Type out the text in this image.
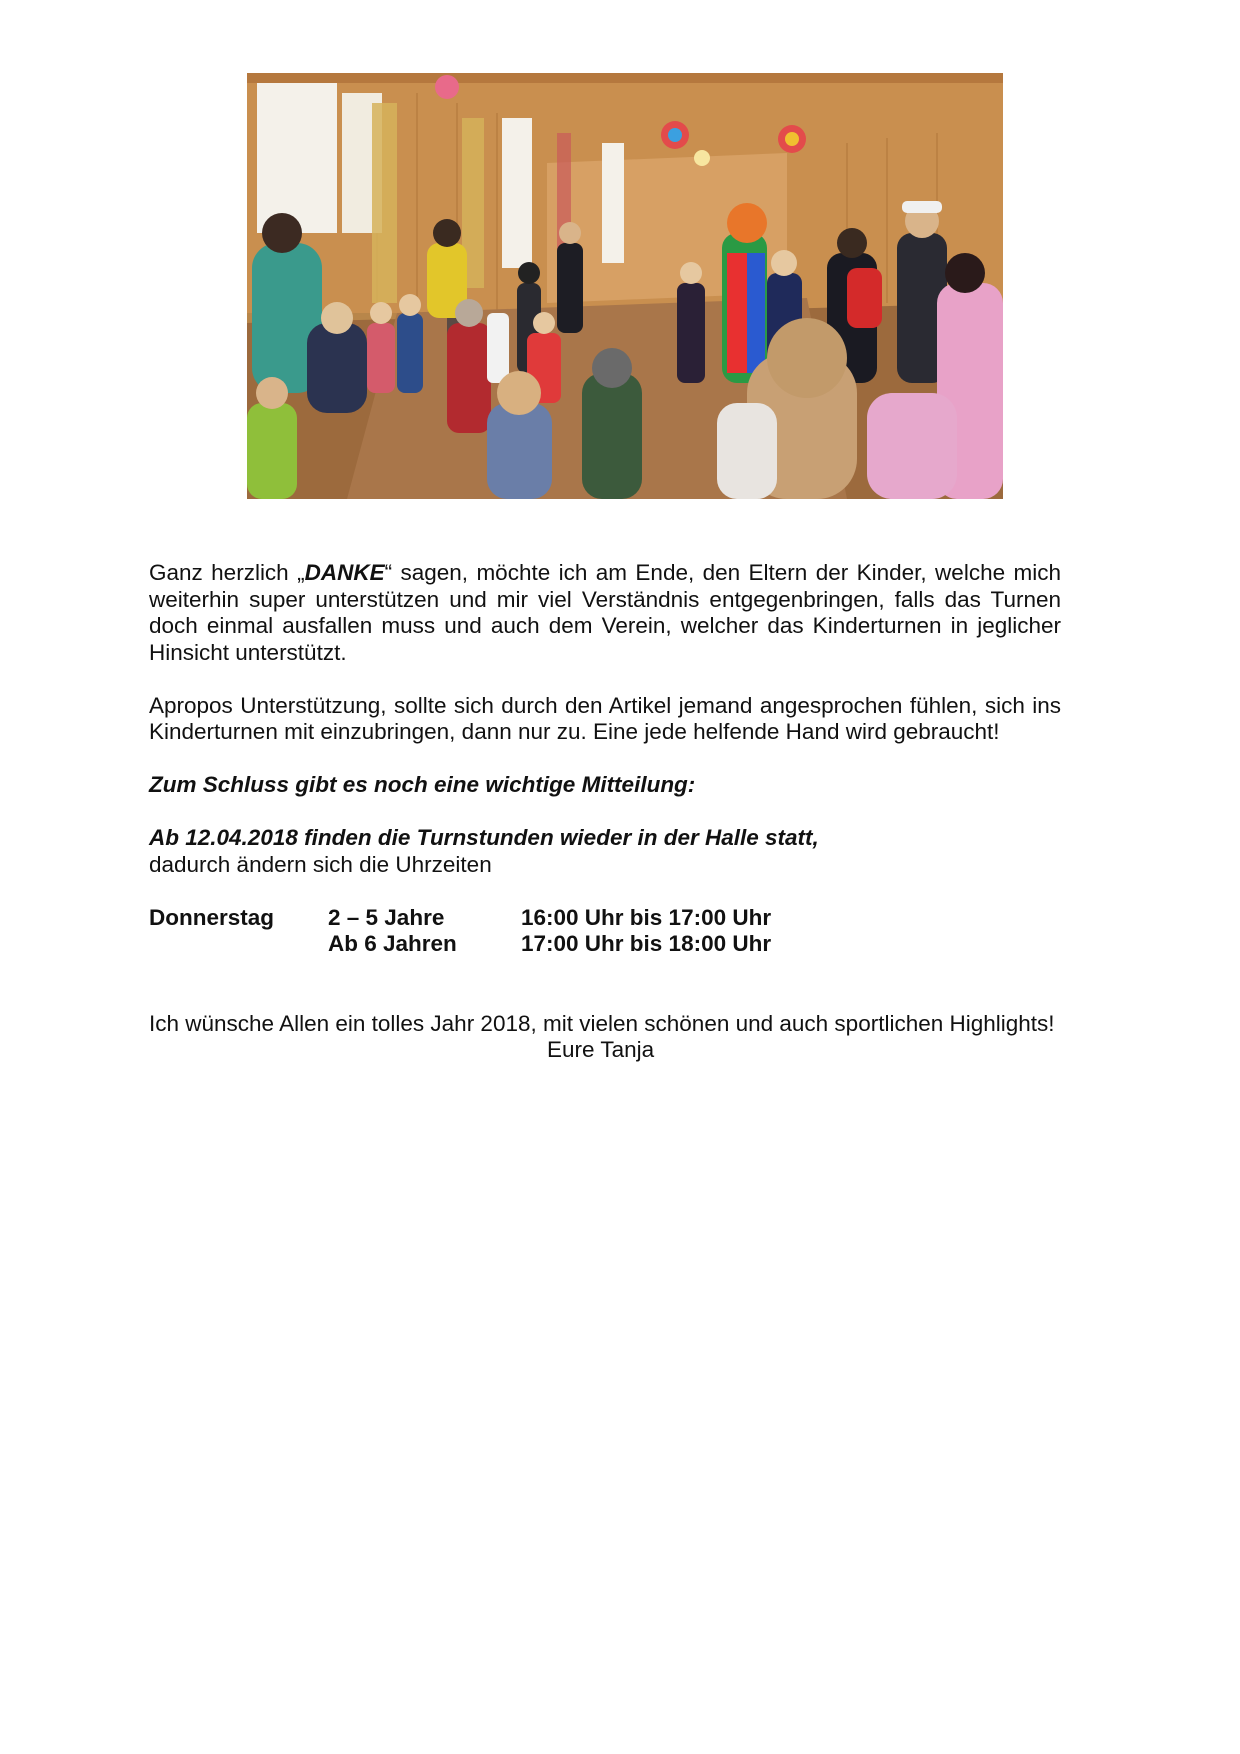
Ganz herzlich „DANKE“ sagen, möchte ich am Ende, den Eltern der Kinder, welche mich weiterhin super unterstützen und mir viel Verständnis entgegenbringen, falls das Turnen doch einmal ausfallen muss und auch dem Verein, welcher das Kinderturnen in jeglicher Hinsicht unterstützt.

Apropos Unterstützung, sollte sich durch den Artikel jemand angesprochen fühlen, sich ins Kinderturnen mit einzubringen, dann nur zu. Eine jede helfende Hand wird gebraucht!

Zum Schluss gibt es noch eine wichtige Mitteilung:

Ab 12.04.2018 finden die Turnstunden wieder in der Halle statt,

dadurch ändern sich die Uhrzeiten

Donnerstag 2 – 5 Jahre	16:00 Uhr bis 17:00 Uhr
Ab 6 Jahren	17:00 Uhr bis 18:00 Uhr

Ich wünsche Allen ein tolles Jahr 2018, mit vielen schönen und auch sportlichen Highlights!

Eure Tanja
